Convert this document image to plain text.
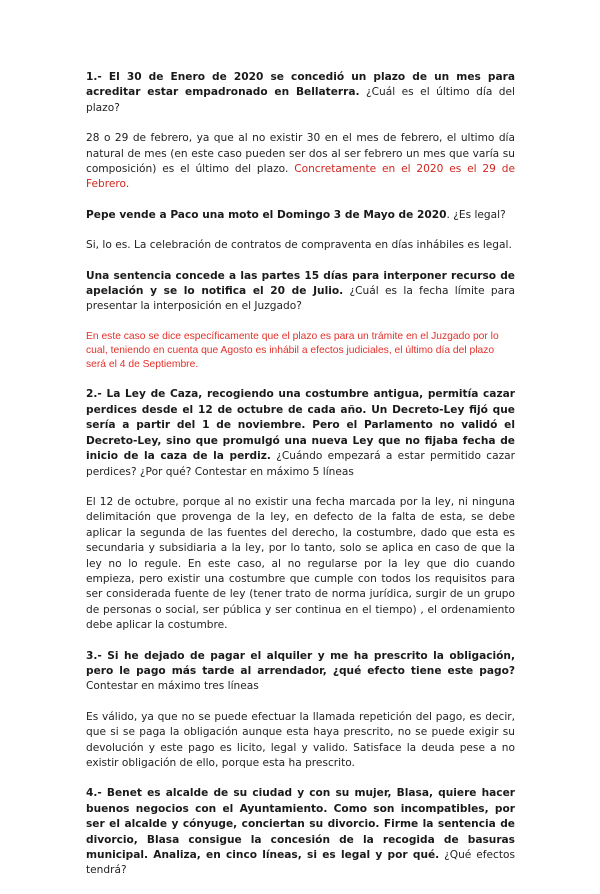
1.- El 30 de Enero de 2020 se concedió un plazo de un mes para acreditar estar empadronado en Bellaterra. ¿Cuál es el último día del plazo?

28 o 29 de febrero, ya que al no existir 30 en el mes de febrero, el ultimo día natural de mes (en este caso pueden ser dos al ser febrero un mes que varía su composición) es el último del plazo. Concretamente en el 2020 es el 29 de Febrero.

Pepe vende a Paco una moto el Domingo 3 de Mayo de 2020. ¿Es legal?

Si, lo es. La celebración de contratos de compraventa en días inhábiles es legal.

Una sentencia concede a las partes 15 días para interponer recurso de apelación y se lo notifica el 20 de Julio. ¿Cuál es la fecha límite para presentar la interposición en el Juzgado?

En este caso se dice específicamente que el plazo es para un trámite en el Juzgado por lo cual, teniendo en cuenta que Agosto es inhábil a efectos judiciales, el último día del plazo será el 4 de Septiembre.

2.- La Ley de Caza, recogiendo una costumbre antigua, permitía cazar perdices desde el 12 de octubre de cada año. Un Decreto-Ley fijó que sería a partir del 1 de noviembre. Pero el Parlamento no validó el Decreto-Ley, sino que promulgó una nueva Ley que no fijaba fecha de inicio de la caza de la perdiz. ¿Cuándo empezará a estar permitido cazar perdices? ¿Por qué? Contestar en máximo 5 líneas

El 12 de octubre, porque al no existir una fecha marcada por la ley, ni ninguna delimitación que provenga de la ley, en defecto de la falta de esta, se debe aplicar la segunda de las fuentes del derecho, la costumbre, dado que esta es secundaria y subsidiaria a la ley, por lo tanto, solo se aplica en caso de que la ley no lo regule. En este caso, al no regularse por la ley que dio cuando empieza, pero existir una costumbre que cumple con todos los requisitos para ser considerada fuente de ley (tener trato de norma jurídica, surgir de un grupo de personas o social, ser pública y ser continua en el tiempo) , el ordenamiento debe aplicar la costumbre.

3.- Si he dejado de pagar el alquiler y me ha prescrito la obligación, pero le pago más tarde al arrendador, ¿qué efecto tiene este pago? Contestar en máximo tres líneas

Es válido, ya que no se puede efectuar la llamada repetición del pago, es decir, que si se paga la obligación aunque esta haya prescrito, no se puede exigir su devolución y este pago es licito, legal y valido. Satisface la deuda pese a no existir obligación de ello, porque esta ha prescrito.

4.- Benet es alcalde de su ciudad y con su mujer, Blasa, quiere hacer buenos negocios con el Ayuntamiento. Como son incompatibles, por ser el alcalde y cónyuge, conciertan su divorcio. Firme la sentencia de divorcio, Blasa consigue la concesión de la recogida de basuras municipal. Analiza, en cinco líneas, si es legal y por qué. ¿Qué efectos tendrá?
